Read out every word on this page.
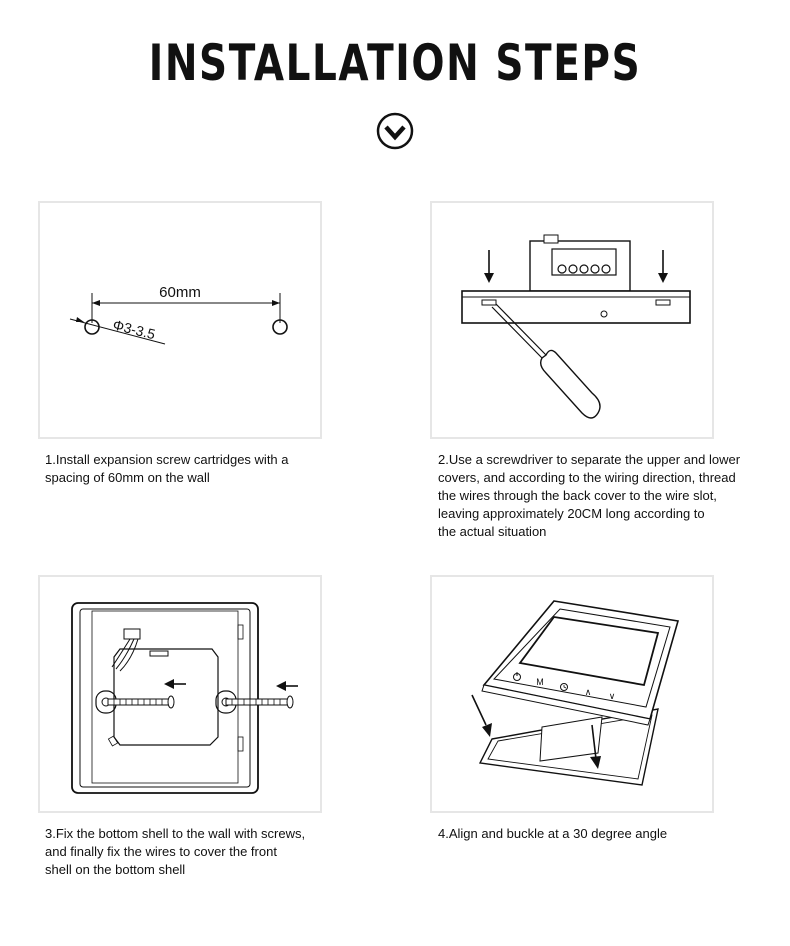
INSTALLATION STEPS
60mm
Φ3-3.5
1.Install expansion screw cartridges with a
spacing of 60mm on the wall
2.Use a screwdriver to separate the upper and lower
covers, and according to the wiring direction, thread
the wires through the back cover to the wire slot,
leaving approximately 20CM long according to
the actual situation
3.Fix the bottom shell to the wall with screws,
and finally fix the wires to cover the front
shell on the bottom shell
M
∧ ∨
4.Align and buckle at a 30 degree angle
